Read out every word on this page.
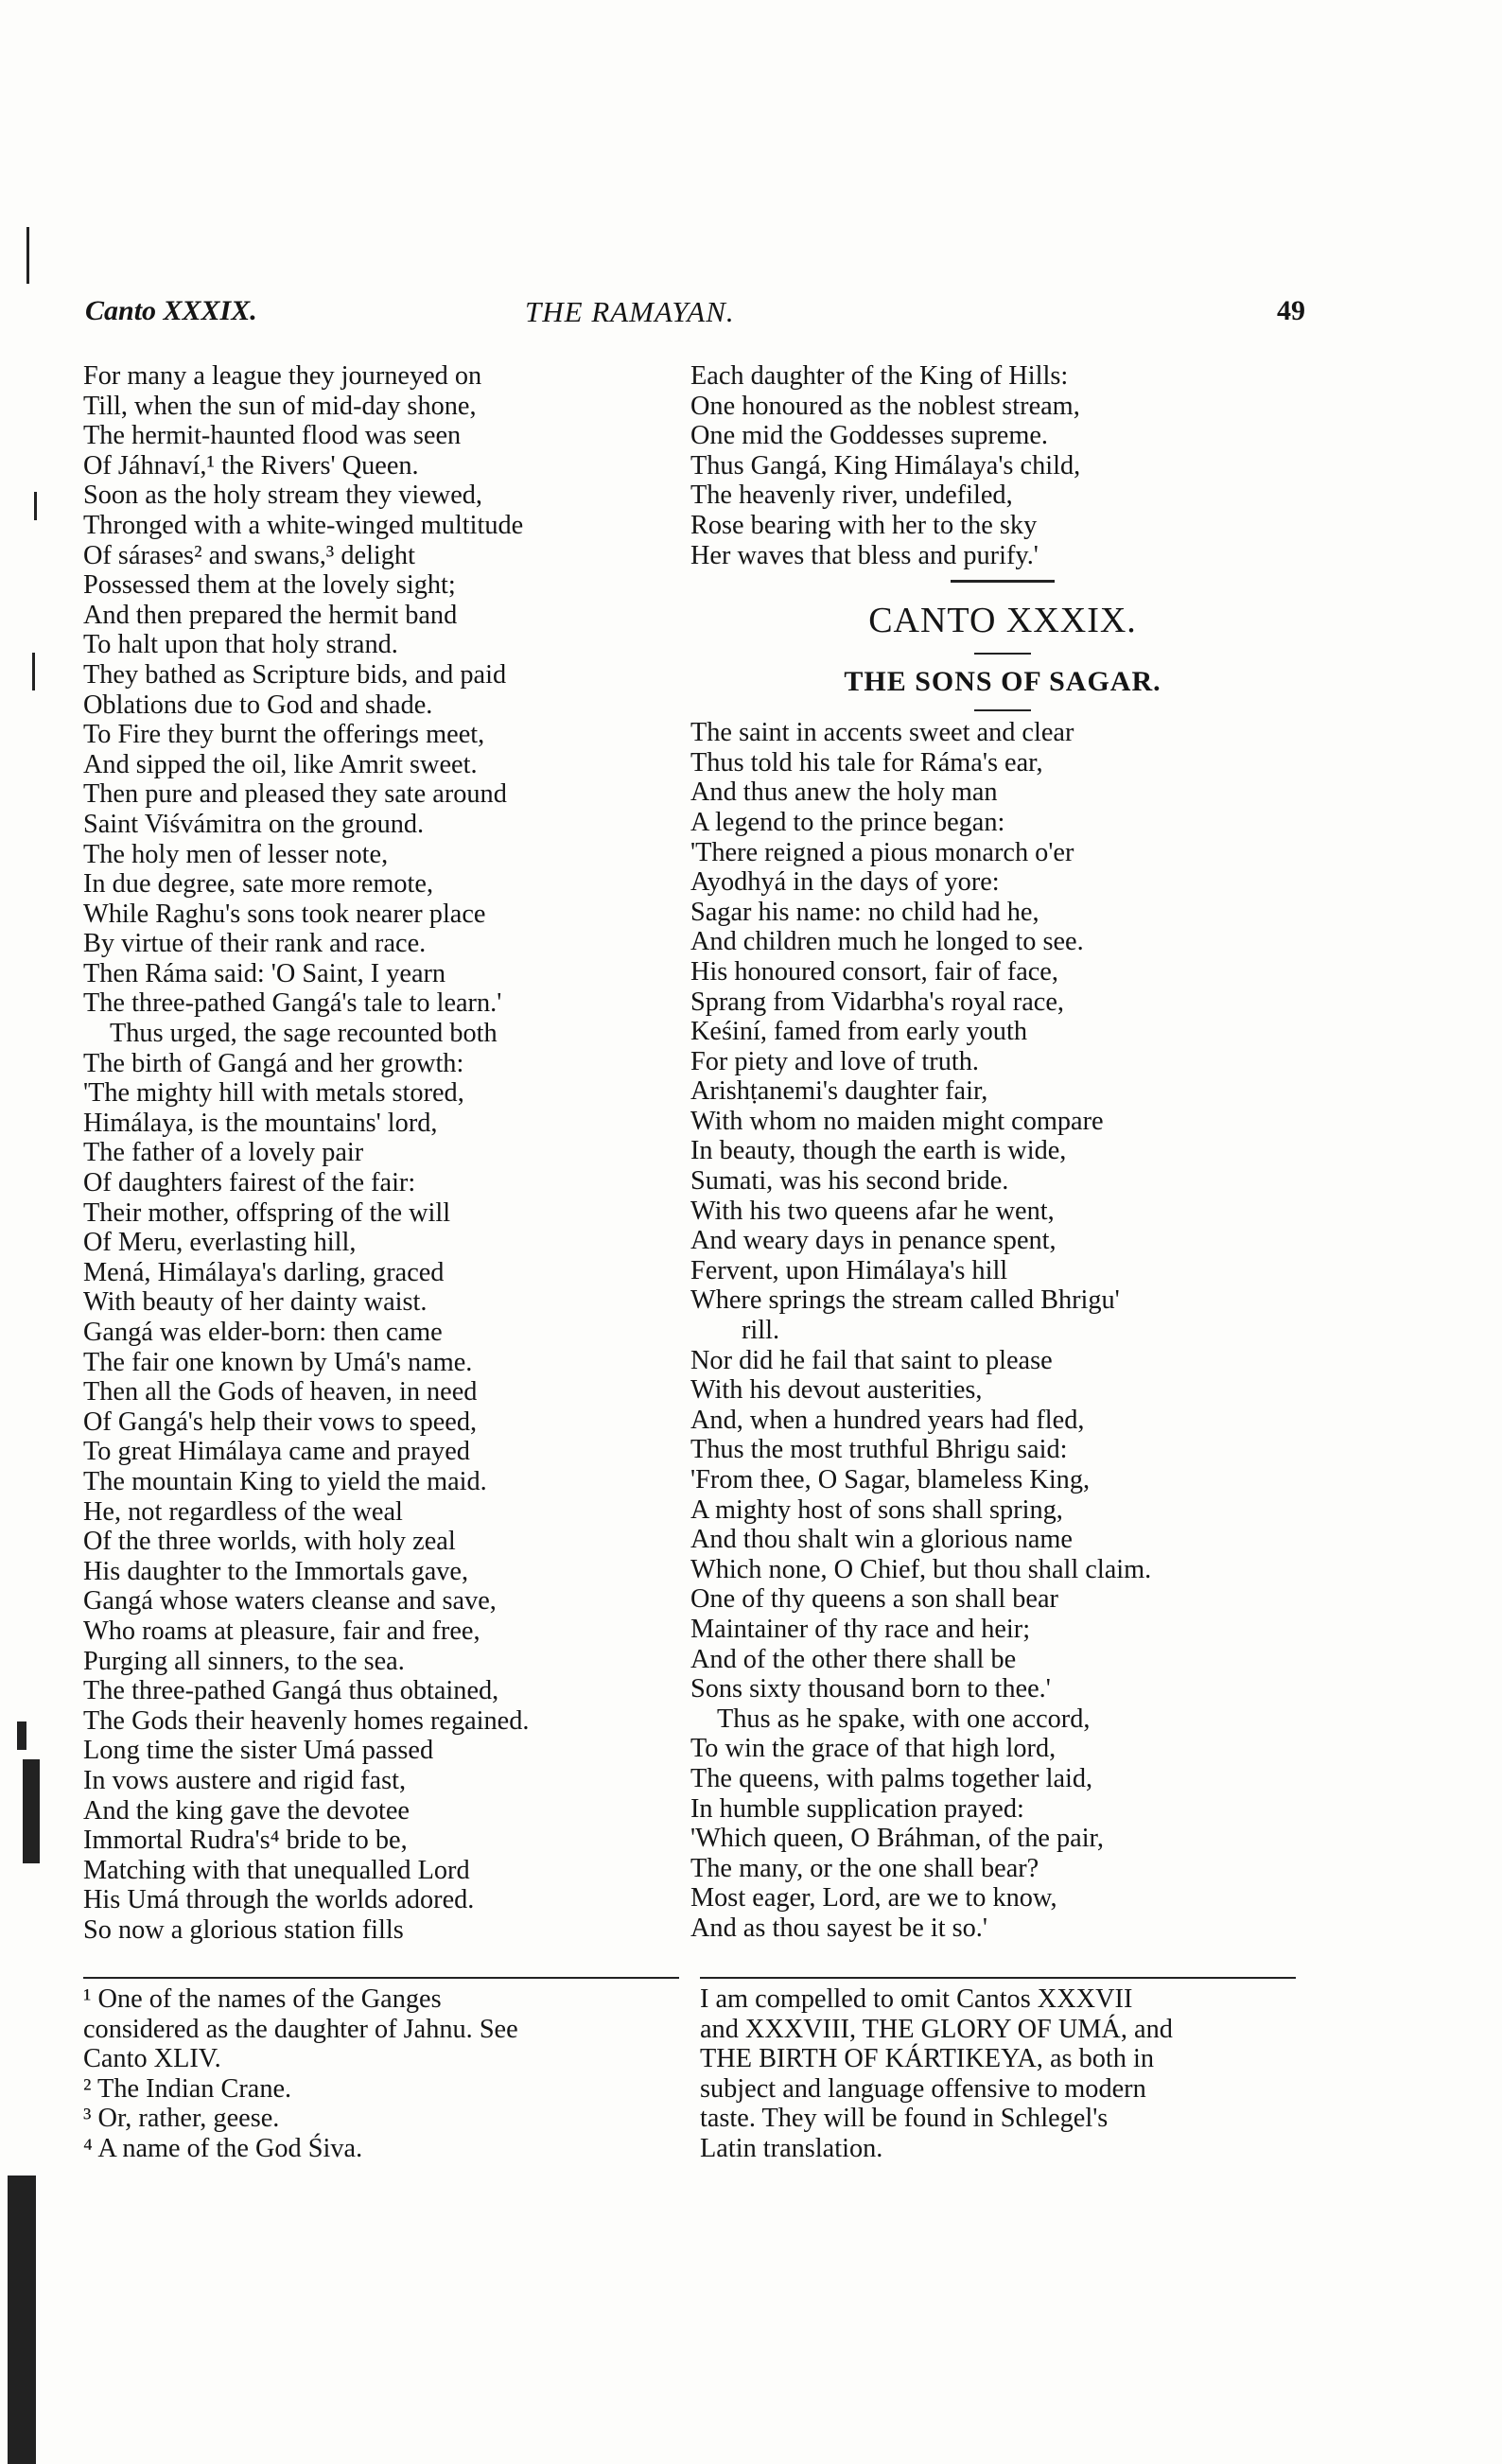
Canto XXXIX.	THE RAMAYAN.	49
For many a league they journeyed on
Till, when the sun of mid-day shone,
The hermit-haunted flood was seen
Of Jáhnaví,¹ the Rivers' Queen.
Soon as the holy stream they viewed,
Thronged with a white-winged multitude
Of sárases² and swans,³ delight
Possessed them at the lovely sight;
And then prepared the hermit band
To halt upon that holy strand.
They bathed as Scripture bids, and paid
Oblations due to God and shade.
To Fire they burnt the offerings meet,
And sipped the oil, like Amrit sweet.
Then pure and pleased they sate around
Saint Viśvámitra on the ground.
The holy men of lesser note,
In due degree, sate more remote,
While Raghu's sons took nearer place
By virtue of their rank and race.
Then Ráma said: 'O Saint, I yearn
The three-pathed Gangá's tale to learn.'
Thus urged, the sage recounted both
The birth of Gangá and her growth:
'The mighty hill with metals stored,
Himálaya, is the mountains' lord,
The father of a lovely pair
Of daughters fairest of the fair:
Their mother, offspring of the will
Of Meru, everlasting hill,
Mená, Himálaya's darling, graced
With beauty of her dainty waist.
Gangá was elder-born: then came
The fair one known by Umá's name.
Then all the Gods of heaven, in need
Of Gangá's help their vows to speed,
To great Himálaya came and prayed
The mountain King to yield the maid.
He, not regardless of the weal
Of the three worlds, with holy zeal
His daughter to the Immortals gave,
Gangá whose waters cleanse and save,
Who roams at pleasure, fair and free,
Purging all sinners, to the sea.
The three-pathed Gangá thus obtained,
The Gods their heavenly homes regained.
Long time the sister Umá passed
In vows austere and rigid fast,
And the king gave the devotee
Immortal Rudra's⁴ bride to be,
Matching with that unequalled Lord
His Umá through the worlds adored.
So now a glorious station fills
Each daughter of the King of Hills:
One honoured as the noblest stream,
One mid the Goddesses supreme.
Thus Gangá, King Himálaya's child,
The heavenly river, undefiled,
Rose bearing with her to the sky
Her waves that bless and purify.'
CANTO XXXIX.
THE SONS OF SAGAR.
The saint in accents sweet and clear
Thus told his tale for Ráma's ear,
And thus anew the holy man
A legend to the prince began:
'There reigned a pious monarch o'er
Ayodhyá in the days of yore:
Sagar his name: no child had he,
And children much he longed to see.
His honoured consort, fair of face,
Sprang from Vidarbha's royal race,
Keśiní, famed from early youth
For piety and love of truth.
Arishṭanemi's daughter fair,
With whom no maiden might compare
In beauty, though the earth is wide,
Sumati, was his second bride.
With his two queens afar he went,
And weary days in penance spent,
Fervent, upon Himálaya's hill
Where springs the stream called Bhrigu'
rill.
Nor did he fail that saint to please
With his devout austerities,
And, when a hundred years had fled,
Thus the most truthful Bhrigu said:
'From thee, O Sagar, blameless King,
A mighty host of sons shall spring,
And thou shalt win a glorious name
Which none, O Chief, but thou shall claim.
One of thy queens a son shall bear
Maintainer of thy race and heir;
And of the other there shall be
Sons sixty thousand born to thee.'
Thus as he spake, with one accord,
To win the grace of that high lord,
The queens, with palms together laid,
In humble supplication prayed:
'Which queen, O Bráhman, of the pair,
The many, or the one shall bear?
Most eager, Lord, are we to know,
And as thou sayest be it so.'
¹ One of the names of the Ganges
considered as the daughter of Jahnu. See
Canto XLIV.
² The Indian Crane.
³ Or, rather, geese.
⁴ A name of the God Śiva.
I am compelled to omit Cantos XXXVII
and XXXVIII, THE GLORY OF UMÁ, and
THE BIRTH OF KÁRTIKEYA, as both in
subject and language offensive to modern
taste. They will be found in Schlegel's
Latin translation.
